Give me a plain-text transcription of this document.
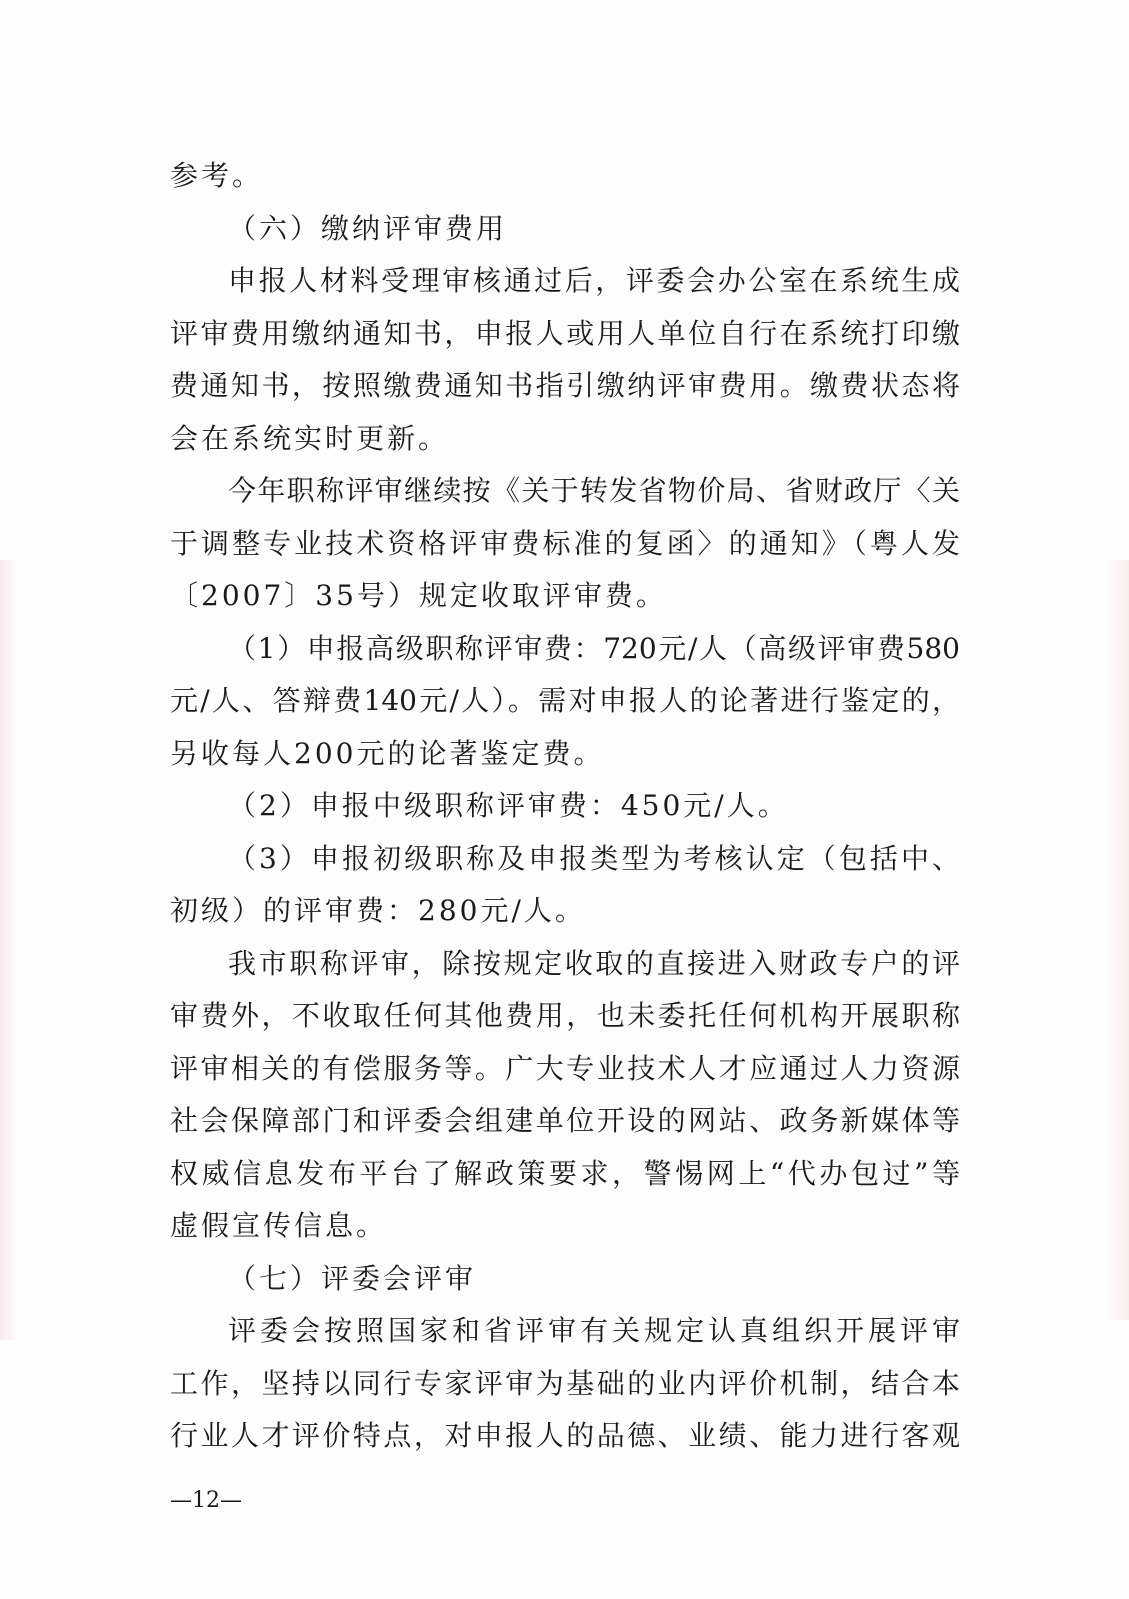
参考。
（六）缴纳评审费用
申报人材料受理审核通过后，评委会办公室在系统生成
评审费用缴纳通知书，申报人或用人单位自行在系统打印缴
费通知书，按照缴费通知书指引缴纳评审费用。缴费状态将
会在系统实时更新。
今年职称评审继续按《关于转发省物价局、省财政厅〈关
于调整专业技术资格评审费标准的复函〉的通知》（粤人发
〔2007〕35号）规定收取评审费。
（1）申报高级职称评审费：720元/人（高级评审费580
元/人、答辩费140元/人）。需对申报人的论著进行鉴定的，
另收每人200元的论著鉴定费。
（2）申报中级职称评审费：450元/人。
（3）申报初级职称及申报类型为考核认定（包括中、
初级）的评审费：280元/人。
我市职称评审，除按规定收取的直接进入财政专户的评
审费外，不收取任何其他费用，也未委托任何机构开展职称
评审相关的有偿服务等。广大专业技术人才应通过人力资源
社会保障部门和评委会组建单位开设的网站、政务新媒体等
权威信息发布平台了解政策要求，警惕网上“代办包过”等
虚假宣传信息。
（七）评委会评审
评委会按照国家和省评审有关规定认真组织开展评审
工作，坚持以同行专家评审为基础的业内评价机制，结合本
行业人才评价特点，对申报人的品德、业绩、能力进行客观
—12—
